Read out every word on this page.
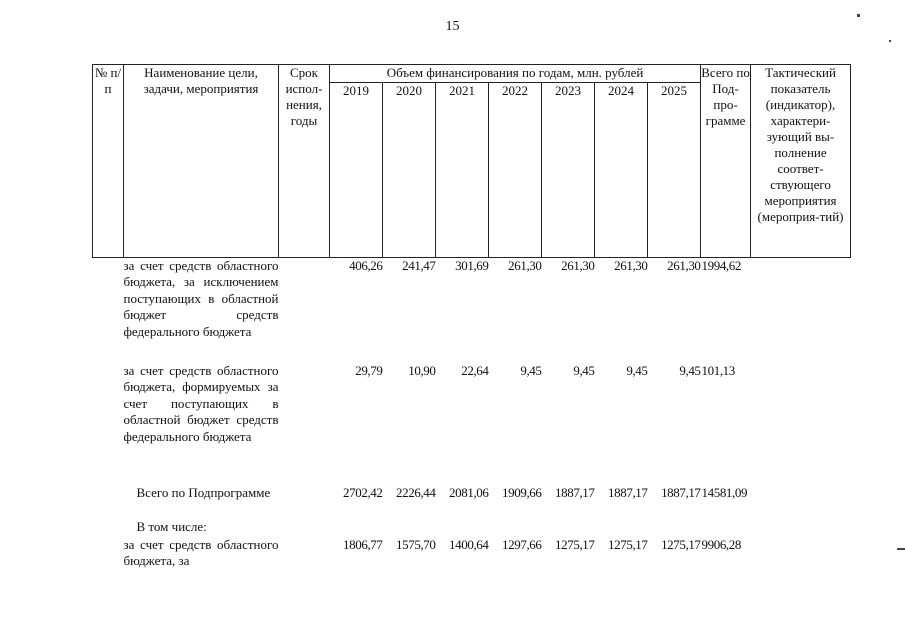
15
№ п/п	Наименование цели, задачи, мероприятия	Срок испол-нения, годы	Объем финансирования по годам, млн. рублей							Всего по Под-про-грамме	Тактический показатель (индикатор), характери-зующий вы-полнение соответ-ствующего мероприятия (мероприя-тий)
			2019	2020	2021	2022	2023	2024	2025		
	за счет средств областного бюджета, за исключением поступающих в областной бюджет средств федерального бюджета		406,26	241,47	301,69	261,30	261,30	261,30	261,30	1994,62	
	за счет средств областного бюджета, формируемых за счет поступающих в областной бюджет средств федерального бюджета		29,79	10,90	22,64	9,45	9,45	9,45	9,45	101,13	
	Всего по Подпрограмме		2702,42	2226,44	2081,06	1909,66	1887,17	1887,17	1887,17	14581,09	
	В том числе:										
	за счет средств областного бюджета, за		1806,77	1575,70	1400,64	1297,66	1275,17	1275,17	1275,17	9906,28	
